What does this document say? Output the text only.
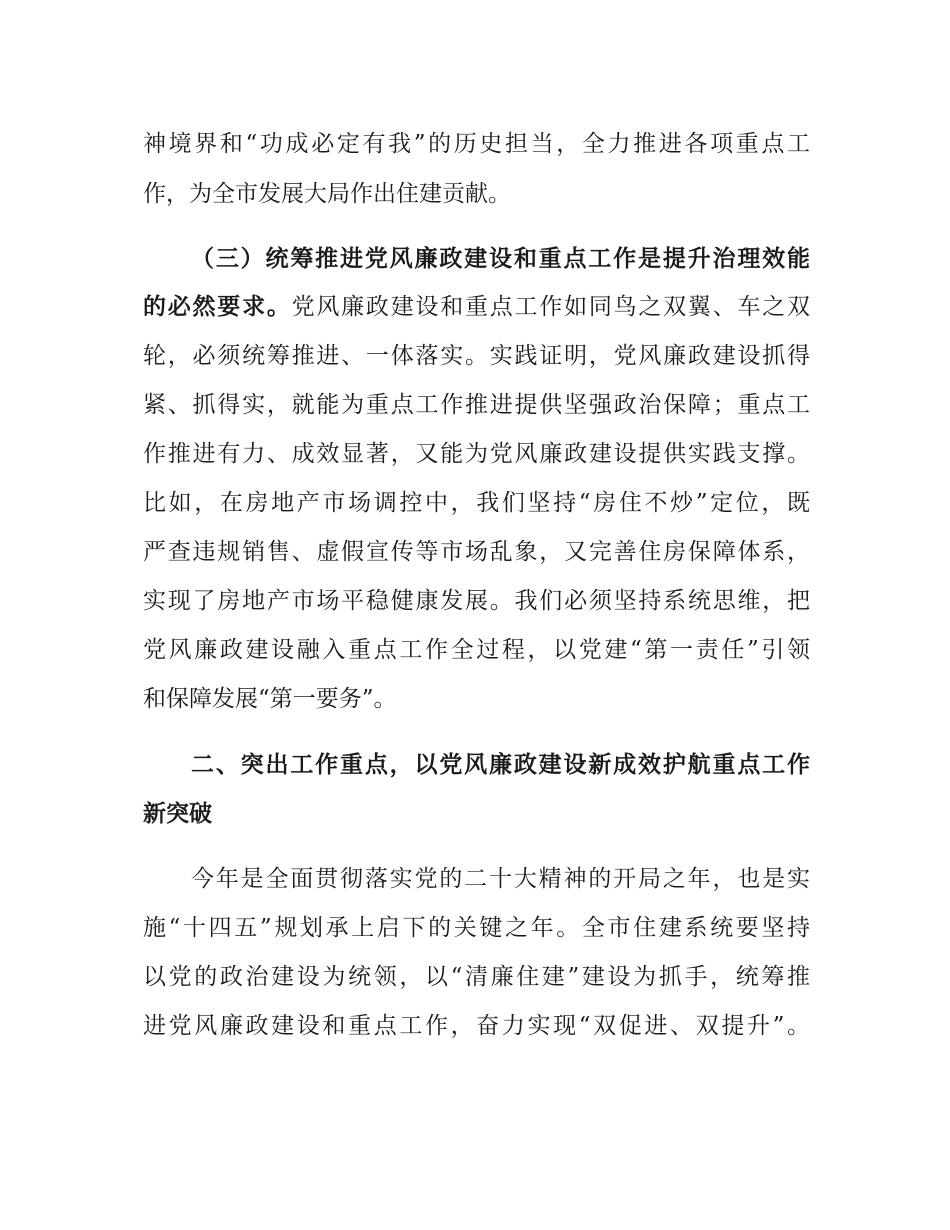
神境界和“功成必定有我”的历史担当，全力推进各项重点工
作，为全市发展大局作出住建贡献。
（三）统筹推进党风廉政建设和重点工作是提升治理效能
的必然要求。党风廉政建设和重点工作如同鸟之双翼、车之双
轮，必须统筹推进、一体落实。实践证明，党风廉政建设抓得
紧、抓得实，就能为重点工作推进提供坚强政治保障；重点工
作推进有力、成效显著，又能为党风廉政建设提供实践支撑。
比如，在房地产市场调控中，我们坚持“房住不炒”定位，既
严查违规销售、虚假宣传等市场乱象，又完善住房保障体系，
实现了房地产市场平稳健康发展。我们必须坚持系统思维，把
党风廉政建设融入重点工作全过程，以党建“第一责任”引领
和保障发展“第一要务”。
二、突出工作重点，以党风廉政建设新成效护航重点工作
新突破
今年是全面贯彻落实党的二十大精神的开局之年，也是实
施“十四五”规划承上启下的关键之年。全市住建系统要坚持
以党的政治建设为统领，以“清廉住建”建设为抓手，统筹推
进党风廉政建设和重点工作，奋力实现“双促进、双提升”。
